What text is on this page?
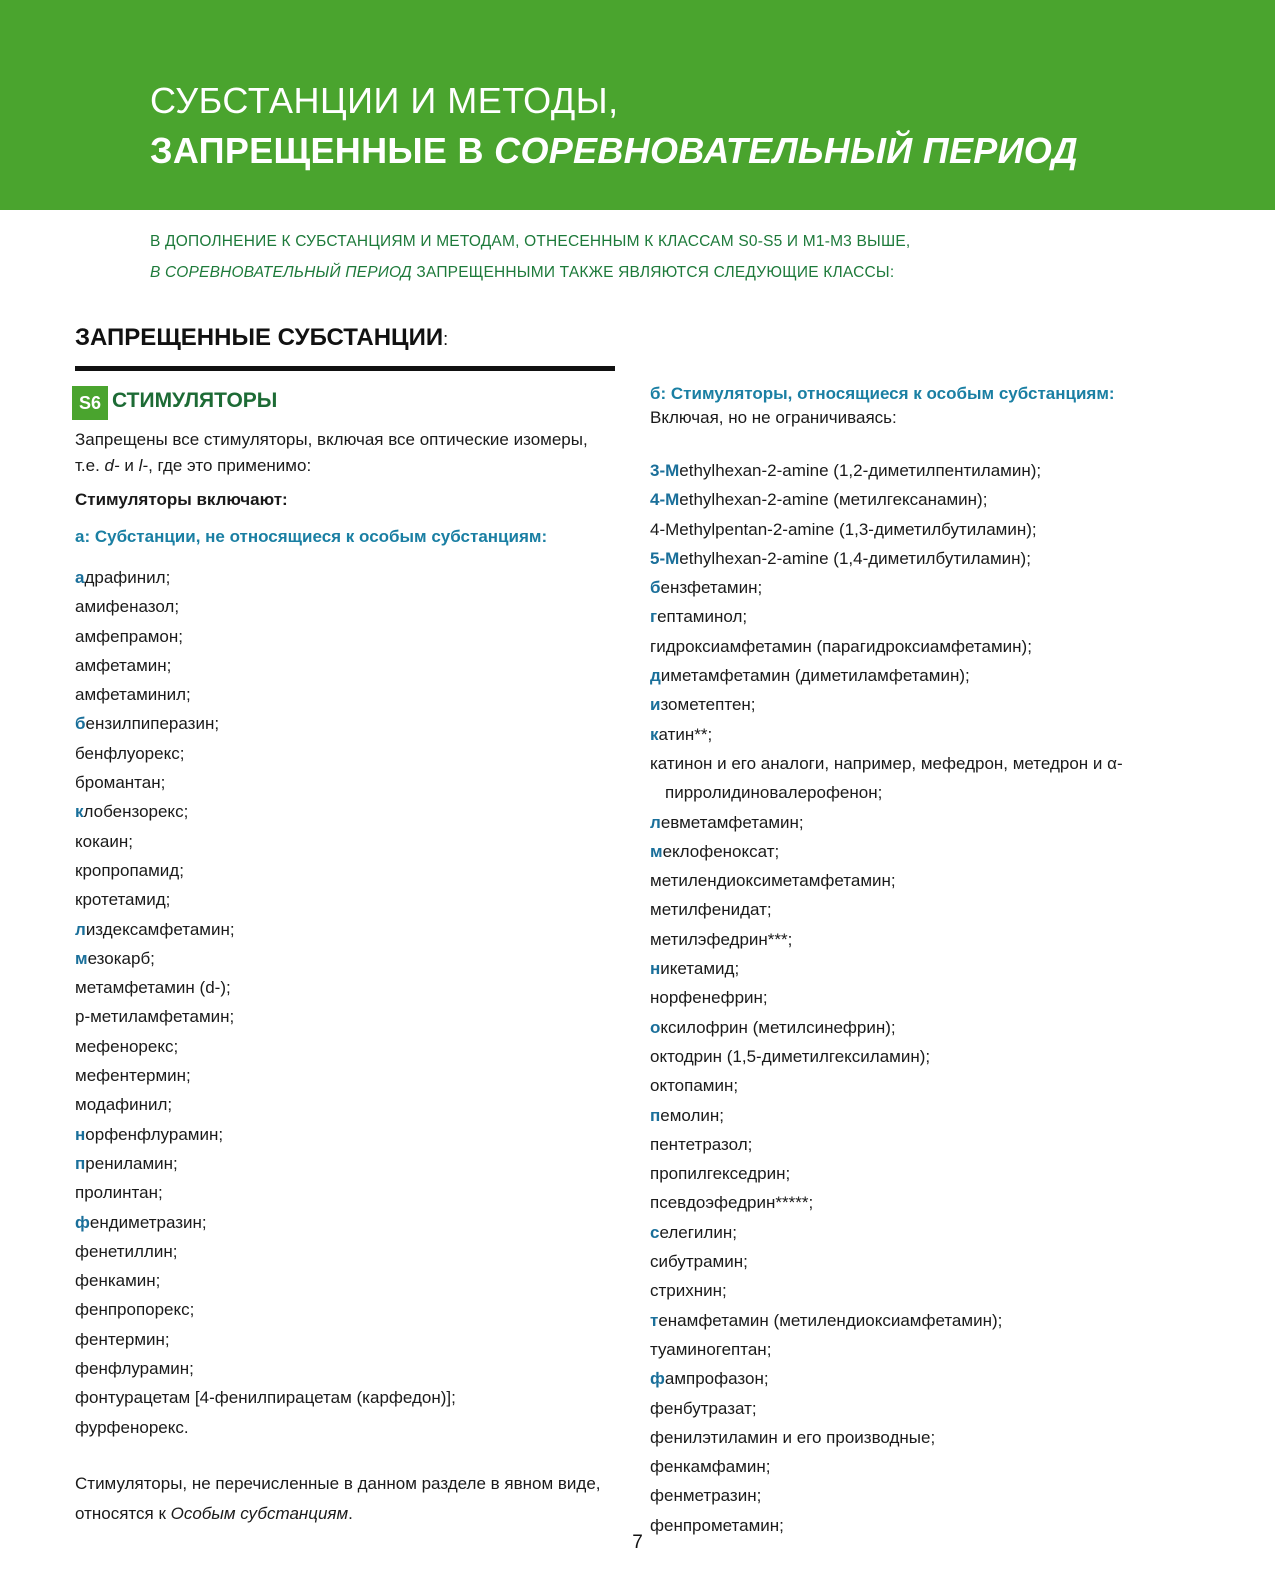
СУБСТАНЦИИ И МЕТОДЫ,
ЗАПРЕЩЕННЫЕ В СОРЕВНОВАТЕЛЬНЫЙ ПЕРИОД
В ДОПОЛНЕНИЕ К СУБСТАНЦИЯМ И МЕТОДАМ, ОТНЕСЕННЫМ К КЛАССАМ S0-S5 И М1-М3 ВЫШЕ,
В СОРЕВНОВАТЕЛЬНЫЙ ПЕРИОД ЗАПРЕЩЕННЫМИ ТАКЖЕ ЯВЛЯЮТСЯ СЛЕДУЮЩИЕ КЛАССЫ:
ЗАПРЕЩЕННЫЕ СУБСТАНЦИИ:
S6 СТИМУЛЯТОРЫ
Запрещены все стимуляторы, включая все оптические изомеры, т.е. d- и l-, где это применимо:
Стимуляторы включают:
а: Субстанции, не относящиеся к особым субстанциям:
адрафинил;
амифеназол;
амфепрамон;
амфетамин;
амфетаминил;
бензилпиперазин;
бенфлуорекс;
бромантан;
клобензорекс;
кокаин;
кропропамид;
кротетамид;
лиздексамфетамин;
мезокарб;
метамфетамин (d-);
р-метиламфетамин;
мефенорекс;
мефентермин;
модафинил;
норфенфлурамин;
прениламин;
пролинтан;
фендиметразин;
фенетиллин;
фенкамин;
фенпропорекс;
фентермин;
фенфлурамин;
фонтурацетам [4-фенилпирацетам (карфедон)];
фурфенорекс.
Стимуляторы, не перечисленные в данном разделе в явном виде, относятся к Особым субстанциям.
б: Стимуляторы, относящиеся к особым субстанциям:
Включая, но не ограничиваясь:
3-Methylhexan-2-amine (1,2-диметилпентиламин);
4-Methylhexan-2-amine (метилгексанамин);
4-Methylpentan-2-amine (1,3-диметилбутиламин);
5-Methylhexan-2-amine (1,4-диметилбутиламин);
бензфетамин;
гептаминол;
гидроксиамфетамин (парагидроксиамфетамин);
диметамфетамин (диметиламфетамин);
изометептен;
катин**;
катинон и его аналоги, например, мефедрон, метедрон и α-пирролидиновалерофенон;
левметамфетамин;
меклофеноксат;
метилендиоксиметамфетамин;
метилфенидат;
метилэфедрин***;
никетамид;
норфенефрин;
оксилофрин (метилсинефрин);
октодрин (1,5-диметилгексиламин);
октопамин;
пемолин;
пентетразол;
пропилгекседрин;
псевдоэфедрин*****;
селегилин;
сибутрамин;
стрихнин;
тенамфетамин (метилендиоксиамфетамин);
туаминогептан;
фампрофазон;
фенбутразат;
фенилэтиламин и его производные;
фенкамфамин;
фенметразин;
фенпрометамин;
7
